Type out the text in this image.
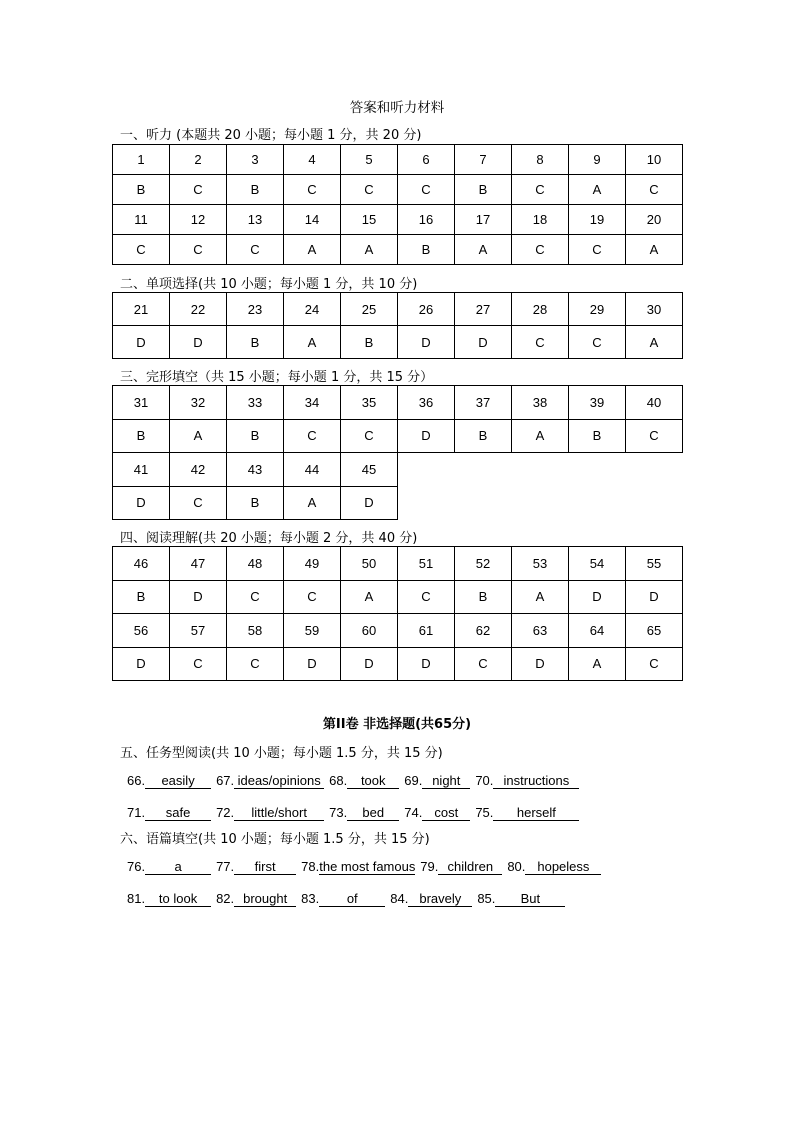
答案和听力材料
一、听力 (本题共 20 小题；每小题 1 分，共 20 分)
1	2	3	4	5	6	7	8	9	10
B	C	B	C	C	C	B	C	A	C
11	12	13	14	15	16	17	18	19	20
C	C	C	A	A	B	A	C	C	A
二、单项选择(共 10 小题；每小题 1 分，共 10 分)
21	22	23	24	25	26	27	28	29	30
D	D	B	A	B	D	D	C	C	A
三、完形填空（共 15 小题；每小题 1 分，共 15 分）
31	32	33	34	35	36	37	38	39	40
B	A	B	C	C	D	B	A	B	C
41	42	43	44	45					
D	C	B	A	D					
四、阅读理解(共 20 小题；每小题 2 分，共 40 分)
46	47	48	49	50	51	52	53	54	55
B	D	C	C	A	C	B	A	D	D
56	57	58	59	60	61	62	63	64	65
D	C	C	D	D	D	C	D	A	C
第II卷 非选择题(共65分)
五、任务型阅读(共 10 小题；每小题 1.5 分，共 15 分)
66. easily 67. ideas/opinions 68. took 69. night 70. instructions
71. safe 72. little/short 73. bed 74. cost 75. herself
六、语篇填空(共 10 小题；每小题 1.5 分，共 15 分)
76. a	77. first 78.the most famous 79. children 80. hopeless
81. to look 82. brought 83. of	84. bravely 85. But
